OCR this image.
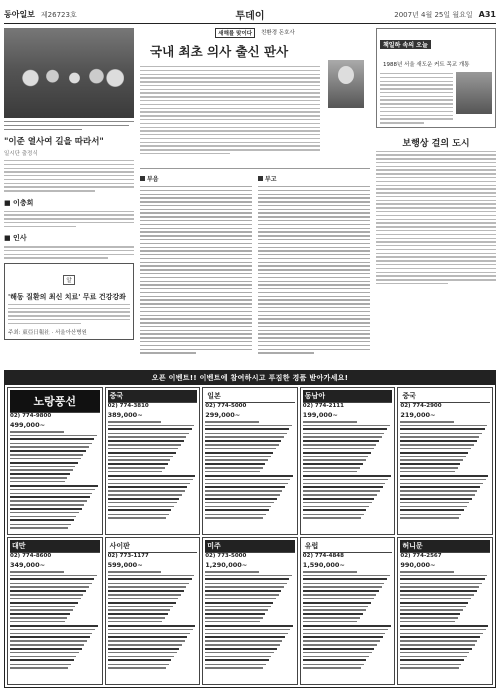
동아일보 제26723호	투데이	2007년 4월 25일 월요일 A31
"이준 열사여 길을 따라서"
일시단 출정식
■ 이충희
■ 인사
알
'해동 질환의 최신 치료' 무료 건강강좌
주최: 東亞日報社 · 서울아산병원
새해를 맞이다	친환경 돈호사
국내 최초 의사 출신 판사
부음	부고
책일하 속의 오늘 1988년 서울 새도운 커트 목교 개통
보행상 걸의 도시
오픈 이벤트!! 이벤트에 참여하시고 푸짐한 경품 받아가세요!
노랑풍선
02) 774-9800
499,000~
중국
02) 774-3810
389,000~
일본
02) 774-5000
299,000~
동남아
02) 774-2111
199,000~
중국
02) 774-2900
219,000~
대만
02) 774-8600
349,000~
사이판
02) 773-1177
599,000~
미주
02) 773-5000
1,290,000~
유럽
02) 774-4848
1,590,000~
허니문
02) 774-2567
990,000~
